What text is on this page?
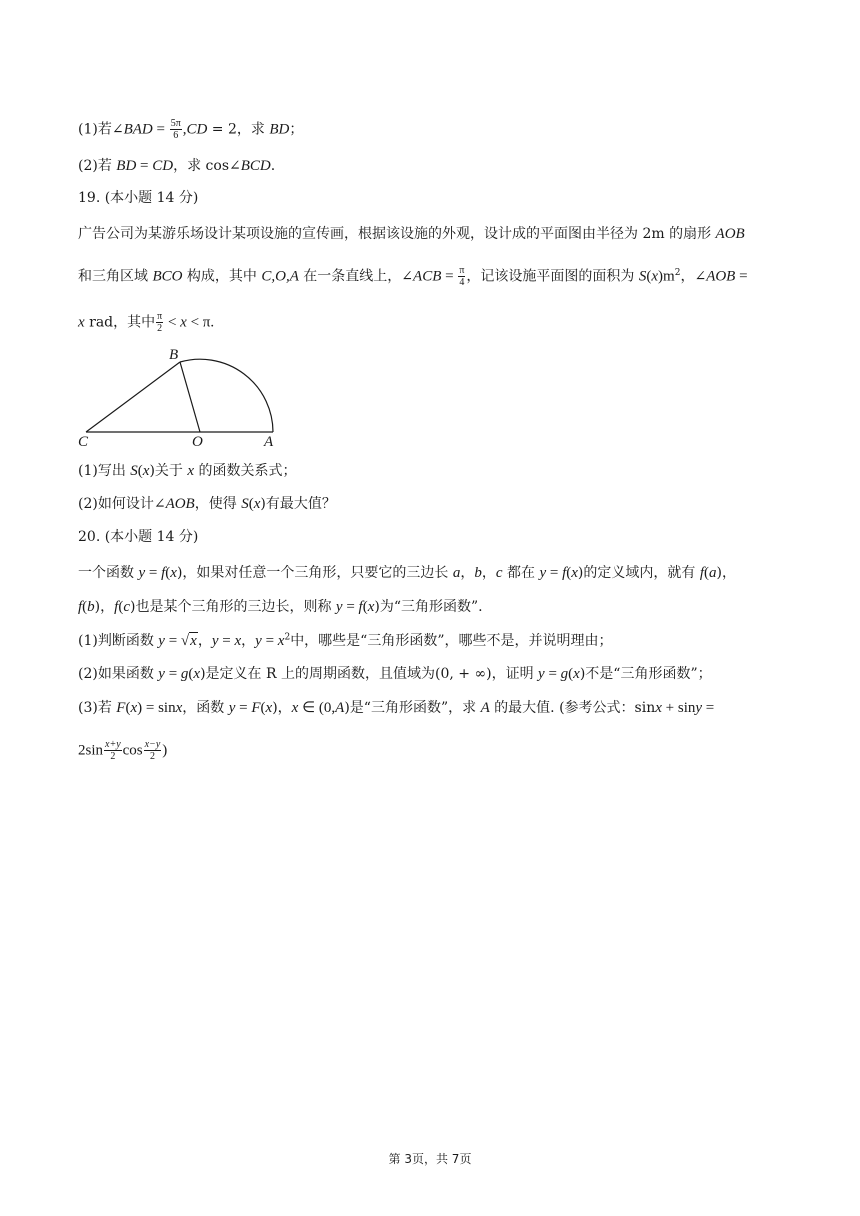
(1)若∠BAD = $\frac{5\pi}{6} ,CD = 2$，求 BD；
(2)若 BD = CD，求 cos∠BCD.
19. (本小题 14 分)
广告公司为某游乐场设计某项设施的宣传画，根据该设施的外观，设计成的平面图由半径为 2m 的扇形 AOB
和三角区域 BCO 构成，其中 C,O,A 在一条直线上，∠ACB = $\frac{\pi}{4}$ ，记该设施平面图的面积为 $S(x)m^2$，∠AOB =
x rad，其中 $\frac{\pi}{2} < x < \pi$.
B
C	O	A
(1)写出 S(x)关于 x 的函数关系式；
(2)如何设计∠AOB，使得 S(x)有最大值？
20. (本小题 14 分)
一个函数 y = f(x)，如果对任意一个三角形，只要它的三边长 a，b，c 都在 y = f(x)的定义域内，就有 f(a)，
f(b)，f(c)也是某个三角形的三边长，则称 y = f(x)为“三角形函数”.
(1)判断函数 y = √x，y = x，$y = x^2$中，哪些是“三角形函数”，哪些不是，并说明理由；
(2)如果函数 y = g(x)是定义在 R 上的周期函数，且值域为(0, + ∞)，证明 y = g(x)不是“三角形函数”；
(3)若 F(x) = sinx，函数 y = F(x)，x ∈ (0,A)是“三角形函数”，求 A 的最大值. (参考公式：sinx + siny =
$2\sin \frac{x+y}{2}$ $\cos \frac{x-y}{2}$ )
第 3页，共 7页
